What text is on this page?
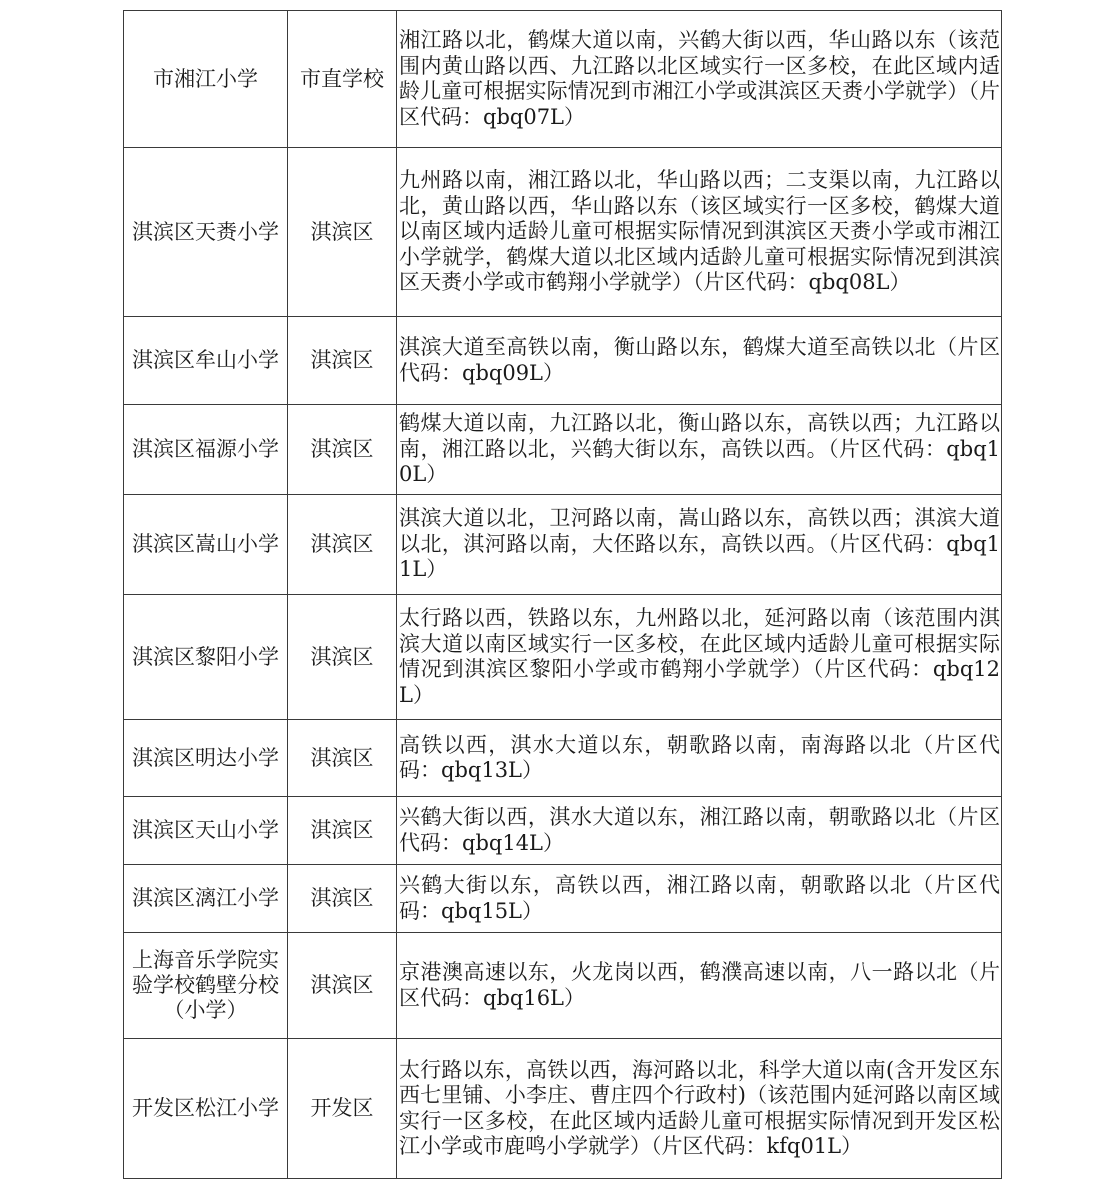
市湘江小学	市直学校	湘江路以北，鹤煤大道以南，兴鹤大街以西，华山路以东（该范围内黄山路以西、九江路以北区域实行一区多校，在此区域内适龄儿童可根据实际情况到市湘江小学或淇滨区天赉小学就学）（片区代码：qbq07L）

淇滨区天赉小学	淇滨区	九州路以南，湘江路以北，华山路以西；二支渠以南，九江路以北，黄山路以西，华山路以东（该区域实行一区多校，鹤煤大道以南区域内适龄儿童可根据实际情况到淇滨区天赉小学或市湘江小学就学，鹤煤大道以北区域内适龄儿童可根据实际情况到淇滨区天赉小学或市鹤翔小学就学）（片区代码：qbq08L）

淇滨区牟山小学	淇滨区	淇滨大道至高铁以南，衡山路以东，鹤煤大道至高铁以北（片区代码：qbq09L）

淇滨区福源小学	淇滨区	鹤煤大道以南，九江路以北，衡山路以东，高铁以西；九江路以南，湘江路以北，兴鹤大街以东，高铁以西。（片区代码：qbq10L）

淇滨区嵩山小学	淇滨区	淇滨大道以北，卫河路以南，嵩山路以东，高铁以西；淇滨大道以北，淇河路以南，大伾路以东，高铁以西。（片区代码：qbq11L）

淇滨区黎阳小学	淇滨区	太行路以西，铁路以东，九州路以北，延河路以南（该范围内淇滨大道以南区域实行一区多校，在此区域内适龄儿童可根据实际情况到淇滨区黎阳小学或市鹤翔小学就学）（片区代码：qbq12L）

淇滨区明达小学	淇滨区	高铁以西，淇水大道以东，朝歌路以南，南海路以北（片区代码：qbq13L）

淇滨区天山小学	淇滨区	兴鹤大街以西，淇水大道以东，湘江路以南，朝歌路以北（片区代码：qbq14L）

淇滨区漓江小学	淇滨区	兴鹤大街以东，高铁以西，湘江路以南，朝歌路以北（片区代码：qbq15L）

上海音乐学院实验学校鹤壁分校（小学）	淇滨区	京港澳高速以东，火龙岗以西，鹤濮高速以南，八一路以北（片区代码：qbq16L）

开发区松江小学	开发区	太行路以东，高铁以西，海河路以北，科学大道以南(含开发区东西七里铺、小李庄、曹庄四个行政村)（该范围内延河路以南区域实行一区多校，在此区域内适龄儿童可根据实际情况到开发区松江小学或市鹿鸣小学就学）（片区代码：kfq01L）
